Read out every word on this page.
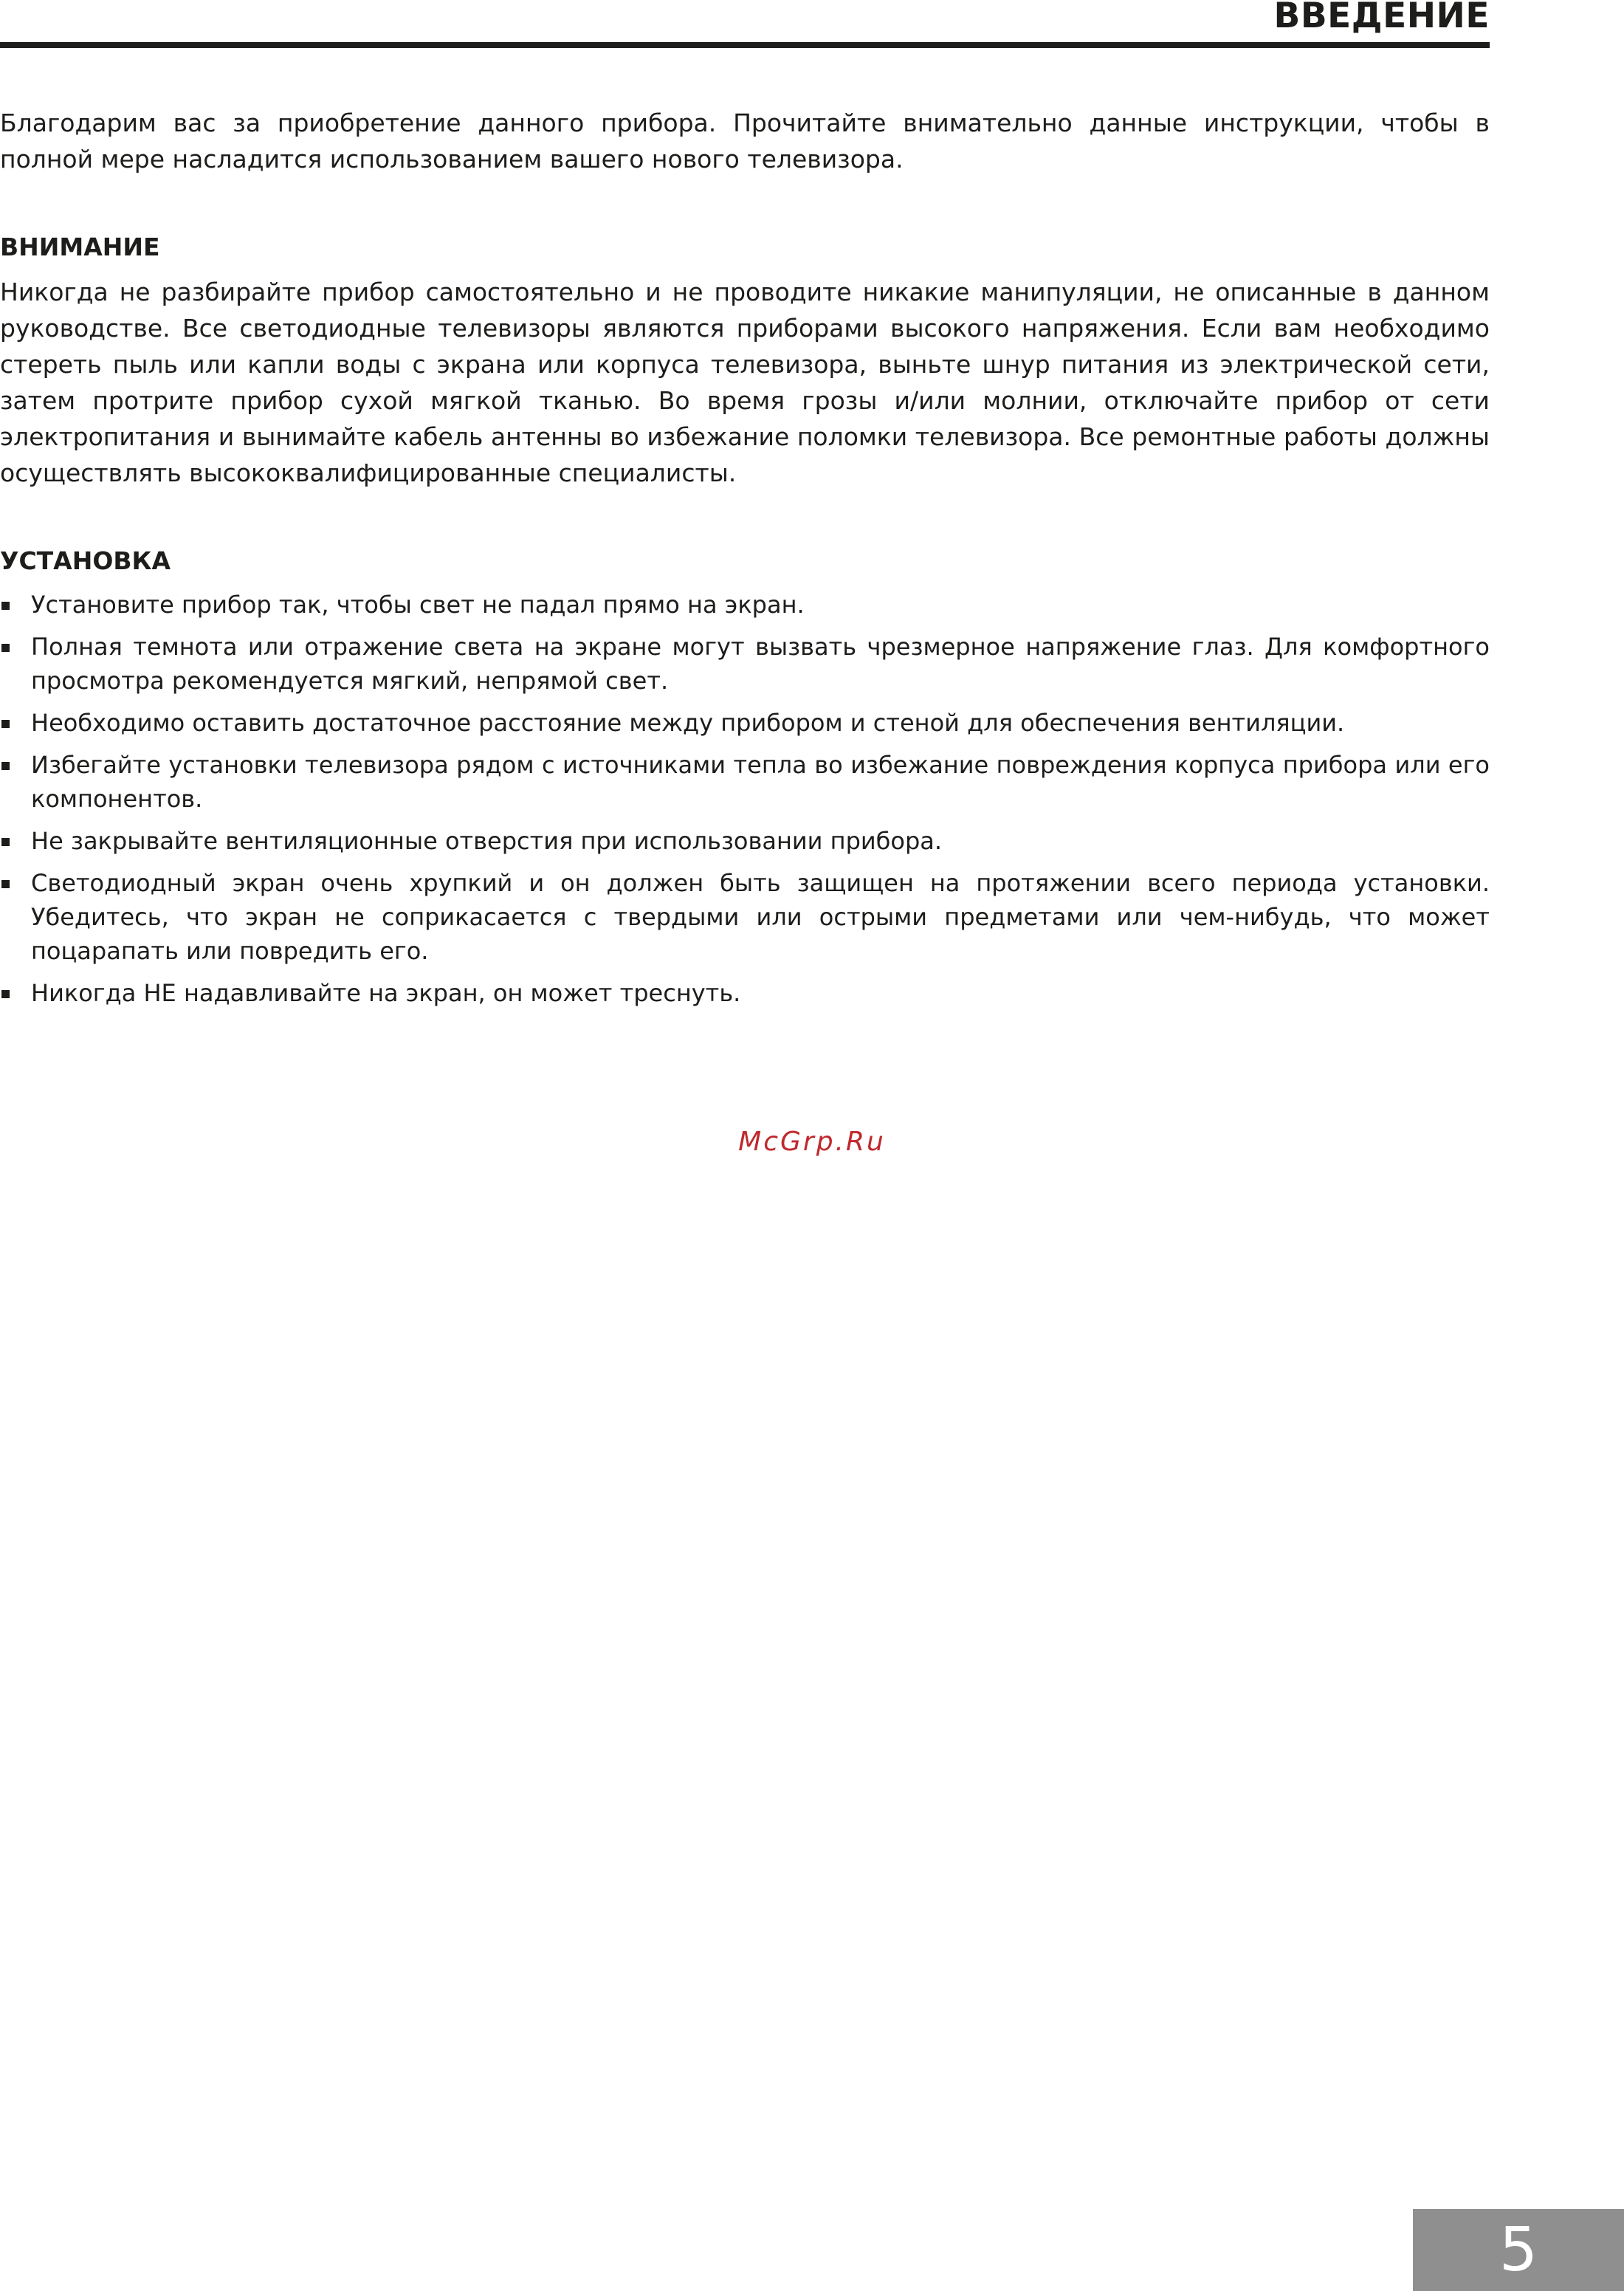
ВВЕДЕНИЕ

Благодарим вас за приобретение данного прибора. Прочитайте внимательно данные инструкции, чтобы в полной мере насладится использованием вашего нового телевизора.

ВНИМАНИЕ

Никогда не разбирайте прибор самостоятельно и не проводите никакие манипуляции, не описанные в данном руководстве. Все светодиодные телевизоры являются приборами высокого напряжения. Если вам необходимо стереть пыль или капли воды с экрана или корпуса телевизора, выньте шнур питания из электрической сети, затем протрите прибор сухой мягкой тканью. Во время грозы и/или молнии, отключайте прибор от сети электропитания и вынимайте кабель антенны во избежание поломки телевизора. Все ремонтные работы должны осуществлять высококвалифицированные специалисты.

УСТАНОВКА
Установите прибор так, чтобы свет не падал прямо на экран.
Полная темнота или отражение света на экране могут вызвать чрезмерное напряжение глаз. Для комфортного просмотра рекомендуется мягкий, непрямой свет.
Необходимо оставить достаточное расстояние между прибором и стеной для обеспечения вентиляции.
Избегайте установки телевизора рядом с источниками тепла во избежание повреждения корпуса прибора или его компонентов.
Не закрывайте вентиляционные отверстия при использовании прибора.
Светодиодный экран очень хрупкий и он должен быть защищен на протяжении всего периода установки. Убедитесь, что экран не соприкасается с твердыми или острыми предметами или чем-нибудь, что может поцарапать или повредить его.
Никогда НЕ надавливайте на экран, он может треснуть.
McGrp.Ru
5
